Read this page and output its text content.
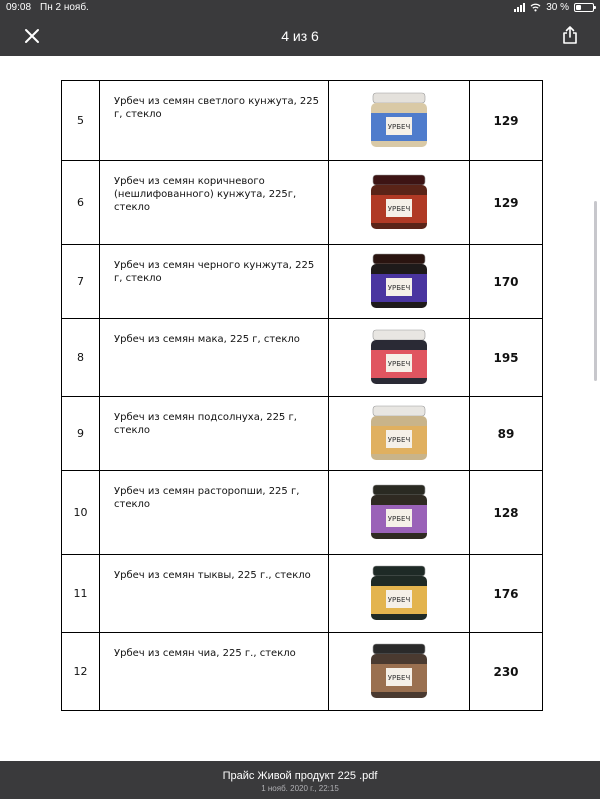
09:08 Пн 2 нояб.	30 %
4 из 6
5	Урбеч из семян светлого кунжута, 225 г, стекло	УРБЕЧ	129
6	Урбеч из семян коричневого (нешлифованного) кунжута, 225г, стекло	УРБЕЧ	129
7	Урбеч из семян черного кунжута, 225 г, стекло	УРБЕЧ	170
8	Урбеч из семян мака, 225 г, стекло	УРБЕЧ	195
9	Урбеч из семян подсолнуха, 225 г, стекло	УРБЕЧ	89
10	Урбеч из семян расторопши, 225 г, стекло	УРБЕЧ	128
11	Урбеч из семян тыквы, 225 г., стекло	УРБЕЧ	176
12	Урбеч из семян чиа, 225 г., стекло	УРБЕЧ	230
Прайс Живой продукт 225 .pdf
1 нояб. 2020 г., 22:15
